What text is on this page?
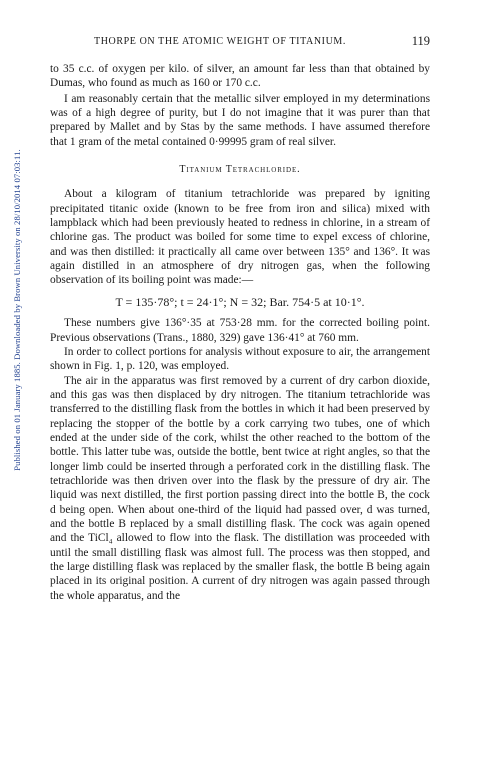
Published on 01 January 1885. Downloaded by Brown University on 28/10/2014 07:03:11.
THORPE ON THE ATOMIC WEIGHT OF TITANIUM.	119

to 35 c.c. of oxygen per kilo. of silver, an amount far less than that obtained by Dumas, who found as much as 160 or 170 c.c.

I am reasonably certain that the metallic silver employed in my determinations was of a high degree of purity, but I do not imagine that it was purer than that prepared by Mallet and by Stas by the same methods. I have assumed therefore that 1 gram of the metal contained 0·99995 gram of real silver.

Titanium Tetrachloride.

About a kilogram of titanium tetrachloride was prepared by igniting precipitated titanic oxide (known to be free from iron and silica) mixed with lampblack which had been previously heated to redness in chlorine, in a stream of chlorine gas. The product was boiled for some time to expel excess of chlorine, and was then distilled: it practically all came over between 135° and 136°. It was again distilled in an atmosphere of dry nitrogen gas, when the following observation of its boiling point was made:—

T = 135·78°; t = 24·1°; N = 32; Bar. 754·5 at 10·1°.

These numbers give 136°·35 at 753·28 mm. for the corrected boiling point. Previous observations (Trans., 1880, 329) gave 136·41° at 760 mm.

In order to collect portions for analysis without exposure to air, the arrangement shown in Fig. 1, p. 120, was employed.

The air in the apparatus was first removed by a current of dry carbon dioxide, and this gas was then displaced by dry nitrogen. The titanium tetrachloride was transferred to the distilling flask from the bottles in which it had been preserved by replacing the stopper of the bottle by a cork carrying two tubes, one of which ended at the under side of the cork, whilst the other reached to the bottom of the bottle. This latter tube was, outside the bottle, bent twice at right angles, so that the longer limb could be inserted through a perforated cork in the distilling flask. The tetrachloride was then driven over into the flask by the pressure of dry air. The liquid was next distilled, the first portion passing direct into the bottle B, the cock d being open. When about one-third of the liquid had passed over, d was turned, and the bottle B replaced by a small distilling flask. The cock was again opened and the TiCl₄ allowed to flow into the flask. The distillation was proceeded with until the small distilling flask was almost full. The process was then stopped, and the large distilling flask was replaced by the smaller flask, the bottle B being again placed in its original position. A current of dry nitrogen was again passed through the whole apparatus, and the
